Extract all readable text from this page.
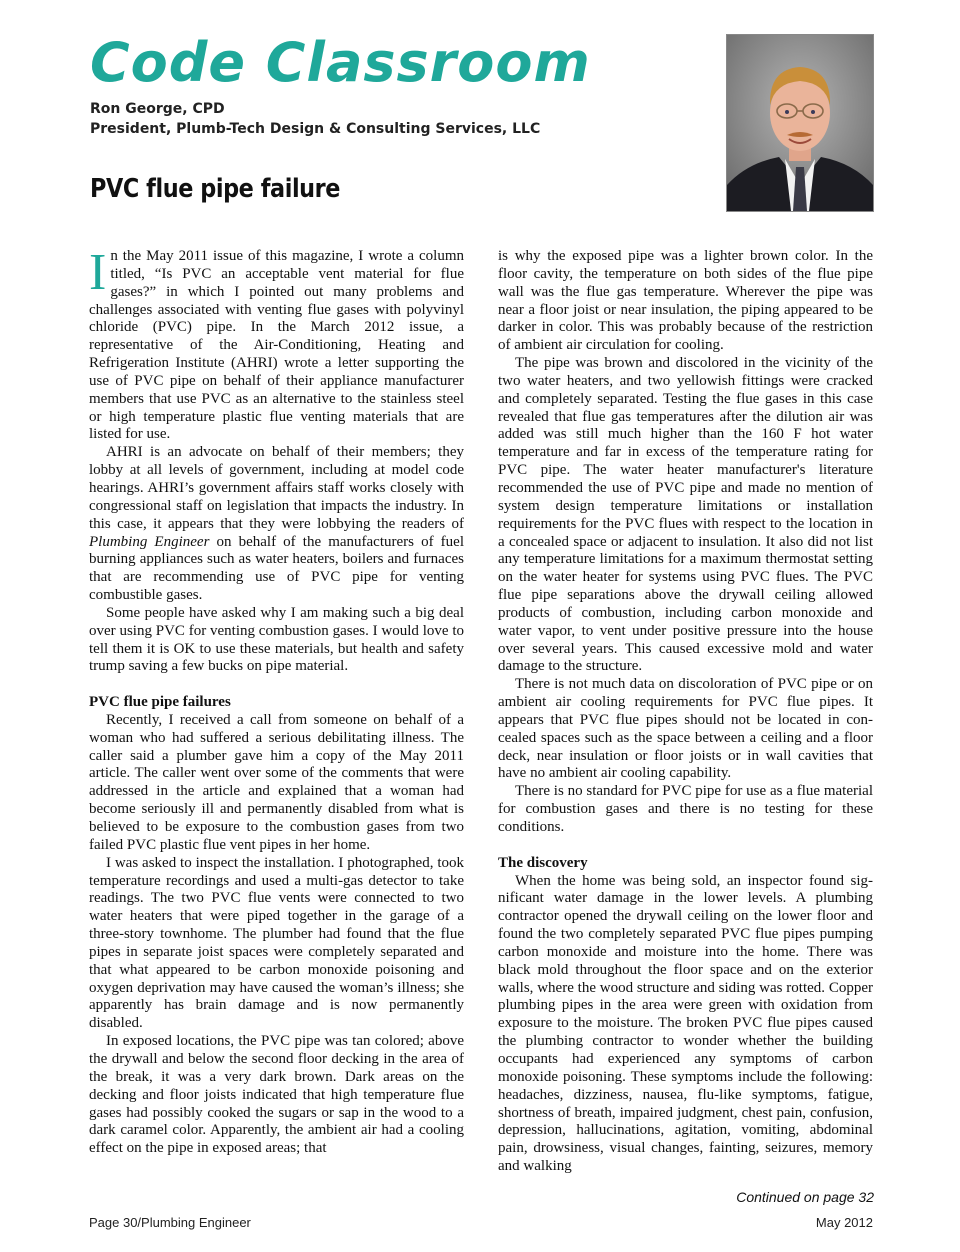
Code Classroom
Ron George, CPD
President, Plumb-Tech Design & Consulting Services, LLC
PVC flue pipe failure

In the May 2011 issue of this magazine, I wrote a column titled, “Is PVC an acceptable vent material for flue gases?” in which I pointed out many problems and challenges associated with venting flue gases with polyvinyl chloride (PVC) pipe. In the March 2012 issue, a representative of the Air-Conditioning, Heating and Refrigeration Institute (AHRI) wrote a letter supporting the use of PVC pipe on behalf of their appliance manufacturer members that use PVC as an alternative to the stainless steel or high temperature plastic flue venting materials that are listed for use.

AHRI is an advocate on behalf of their members; they lobby at all levels of government, including at model code hearings. AHRI’s government affairs staff works closely with congressional staff on legislation that impacts the industry. In this case, it appears that they were lobbying the readers of Plumbing Engineer on behalf of the manufacturers of fuel burning appliances such as water heaters, boilers and furnaces that are recommending use of PVC pipe for venting combustible gases.

Some people have asked why I am making such a big deal over using PVC for venting combustion gases. I would love to tell them it is OK to use these materials, but health and safety trump saving a few bucks on pipe material.

PVC flue pipe failures

Recently, I received a call from someone on behalf of a woman who had suffered a serious debilitating illness. The caller said a plumber gave him a copy of the May 2011 article. The caller went over some of the comments that were addressed in the article and explained that a woman had become seriously ill and permanently disabled from what is believed to be exposure to the combustion gases from two failed PVC plastic flue vent pipes in her home.

I was asked to inspect the installation. I photographed, took temperature recordings and used a multi-gas detector to take readings. The two PVC flue vents were connected to two water heaters that were piped together in the garage of a three-story townhome. The plumber had found that the flue pipes in separate joist spaces were completely separated and that what appeared to be carbon monoxide poisoning and oxygen deprivation may have caused the woman’s illness; she apparently has brain damage and is now permanently disabled.

In exposed locations, the PVC pipe was tan colored; above the drywall and below the second floor decking in the area of the break, it was a very dark brown. Dark areas on the decking and floor joists indicated that high temperature flue gases had possibly cooked the sugars or sap in the wood to a dark caramel color. Apparently, the ambient air had a cooling effect on the pipe in exposed areas; that

is why the exposed pipe was a lighter brown color. In the floor cavity, the temperature on both sides of the flue pipe wall was the flue gas temperature. Wherever the pipe was near a floor joist or near insulation, the piping appeared to be darker in color. This was probably because of the restriction of ambient air circulation for cooling.

The pipe was brown and discolored in the vicinity of the two water heaters, and two yellowish fittings were cracked and completely separated. Testing the flue gases in this case revealed that flue gas temperatures after the dilution air was added was still much higher than the 160 F hot water temperature and far in excess of the temperature rating for PVC pipe. The water heater manufacturer's literature recommended the use of PVC pipe and made no mention of system design temperature limitations or installation requirements for the PVC flues with respect to the location in a concealed space or adjacent to insulation. It also did not list any temperature limitations for a maximum thermostat setting on the water heater for systems using PVC flues. The PVC flue pipe separations above the drywall ceiling allowed products of combustion, including carbon monoxide and water vapor, to vent under positive pressure into the house over several years. This caused excessive mold and water damage to the structure.

There is not much data on discoloration of PVC pipe or on ambient air cooling requirements for PVC flue pipes. It appears that PVC flue pipes should not be located in concealed spaces such as the space between a ceiling and a floor deck, near insulation or floor joists or in wall cavities that have no ambient air cooling capability.

There is no standard for PVC pipe for use as a flue material for combustion gases and there is no testing for these conditions.

The discovery

When the home was being sold, an inspector found significant water damage in the lower levels. A plumbing contractor opened the drywall ceiling on the lower floor and found the two completely separated PVC flue pipes pumping carbon monoxide and moisture into the home. There was black mold throughout the floor space and on the exterior walls, where the wood structure and siding was rotted. Copper plumbing pipes in the area were green with oxidation from exposure to the moisture. The broken PVC flue pipes caused the plumbing contractor to wonder whether the building occupants had experienced any symptoms of carbon monoxide poisoning. These symptoms include the following: headaches, dizziness, nausea, flu-like symptoms, fatigue, shortness of breath, impaired judgment, chest pain, confusion, depression, hallucinations, agitation, vomiting, abdominal pain, drowsiness, visual changes, fainting, seizures, memory and walking

Continued on page 32
Page 30/Plumbing Engineer	May 2012
